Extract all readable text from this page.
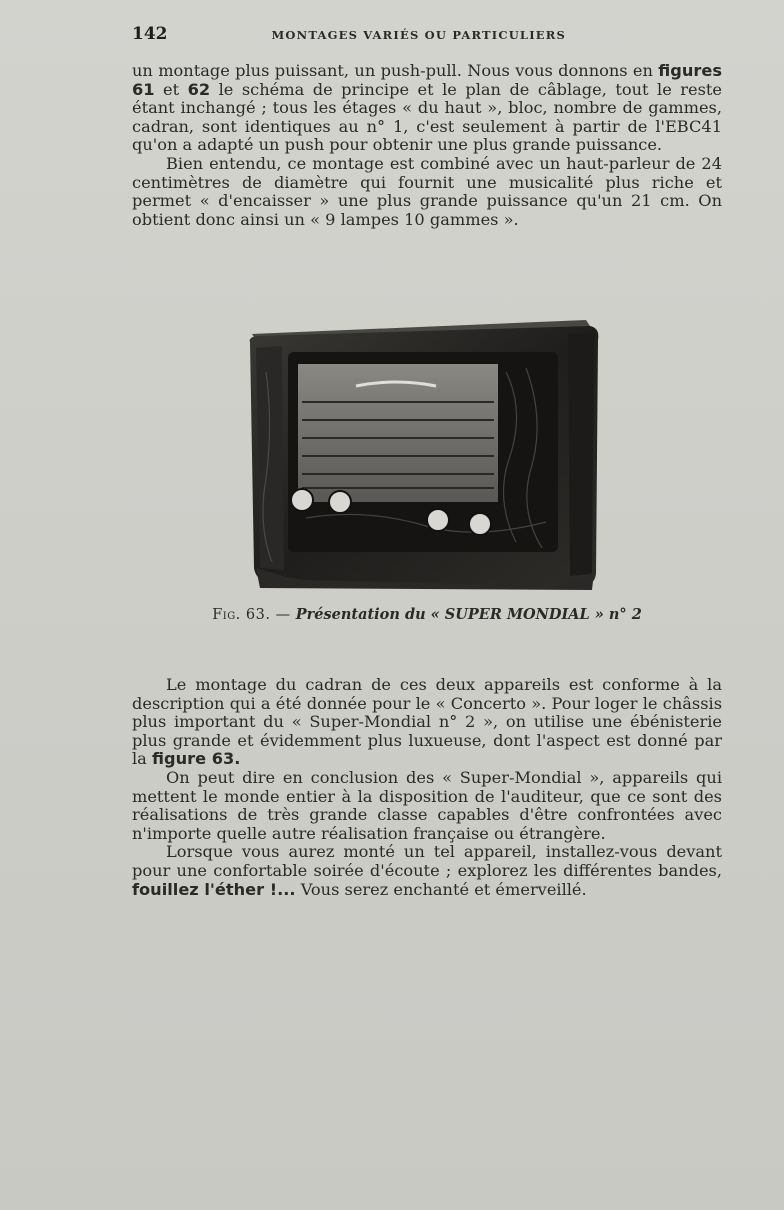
142	MONTAGES VARIÉS OU PARTICULIERS

un montage plus puissant, un push-pull. Nous vous donnons en figures 61 et 62 le schéma de principe et le plan de câblage, tout le reste étant inchangé ; tous les étages « du haut », bloc, nombre de gammes, cadran, sont identiques au n° 1, c'est seulement à partir de l'EBC41 qu'on a adapté un push pour obtenir une plus grande puissance.

Bien entendu, ce montage est combiné avec un haut-parleur de 24 centimètres de diamètre qui fournit une musicalité plus riche et permet « d'encaisser » une plus grande puissance qu'un 21 cm. On obtient donc ainsi un « 9 lampes 10 gammes ».

Fig. 63. — Présentation du « SUPER MONDIAL » n° 2

Le montage du cadran de ces deux appareils est conforme à la description qui a été donnée pour le « Concerto ». Pour loger le châssis plus important du « Super-Mondial n° 2 », on utilise une ébénisterie plus grande et évidemment plus luxueuse, dont l'aspect est donné par la figure 63.

On peut dire en conclusion des « Super-Mondial », appareils qui mettent le monde entier à la disposition de l'auditeur, que ce sont des réalisations de très grande classe capables d'être confrontées avec n'importe quelle autre réalisation française ou étrangère.

Lorsque vous aurez monté un tel appareil, installez-vous devant pour une confortable soirée d'écoute ; explorez les différentes bandes, fouillez l'éther !... Vous serez enchanté et émerveillé.
